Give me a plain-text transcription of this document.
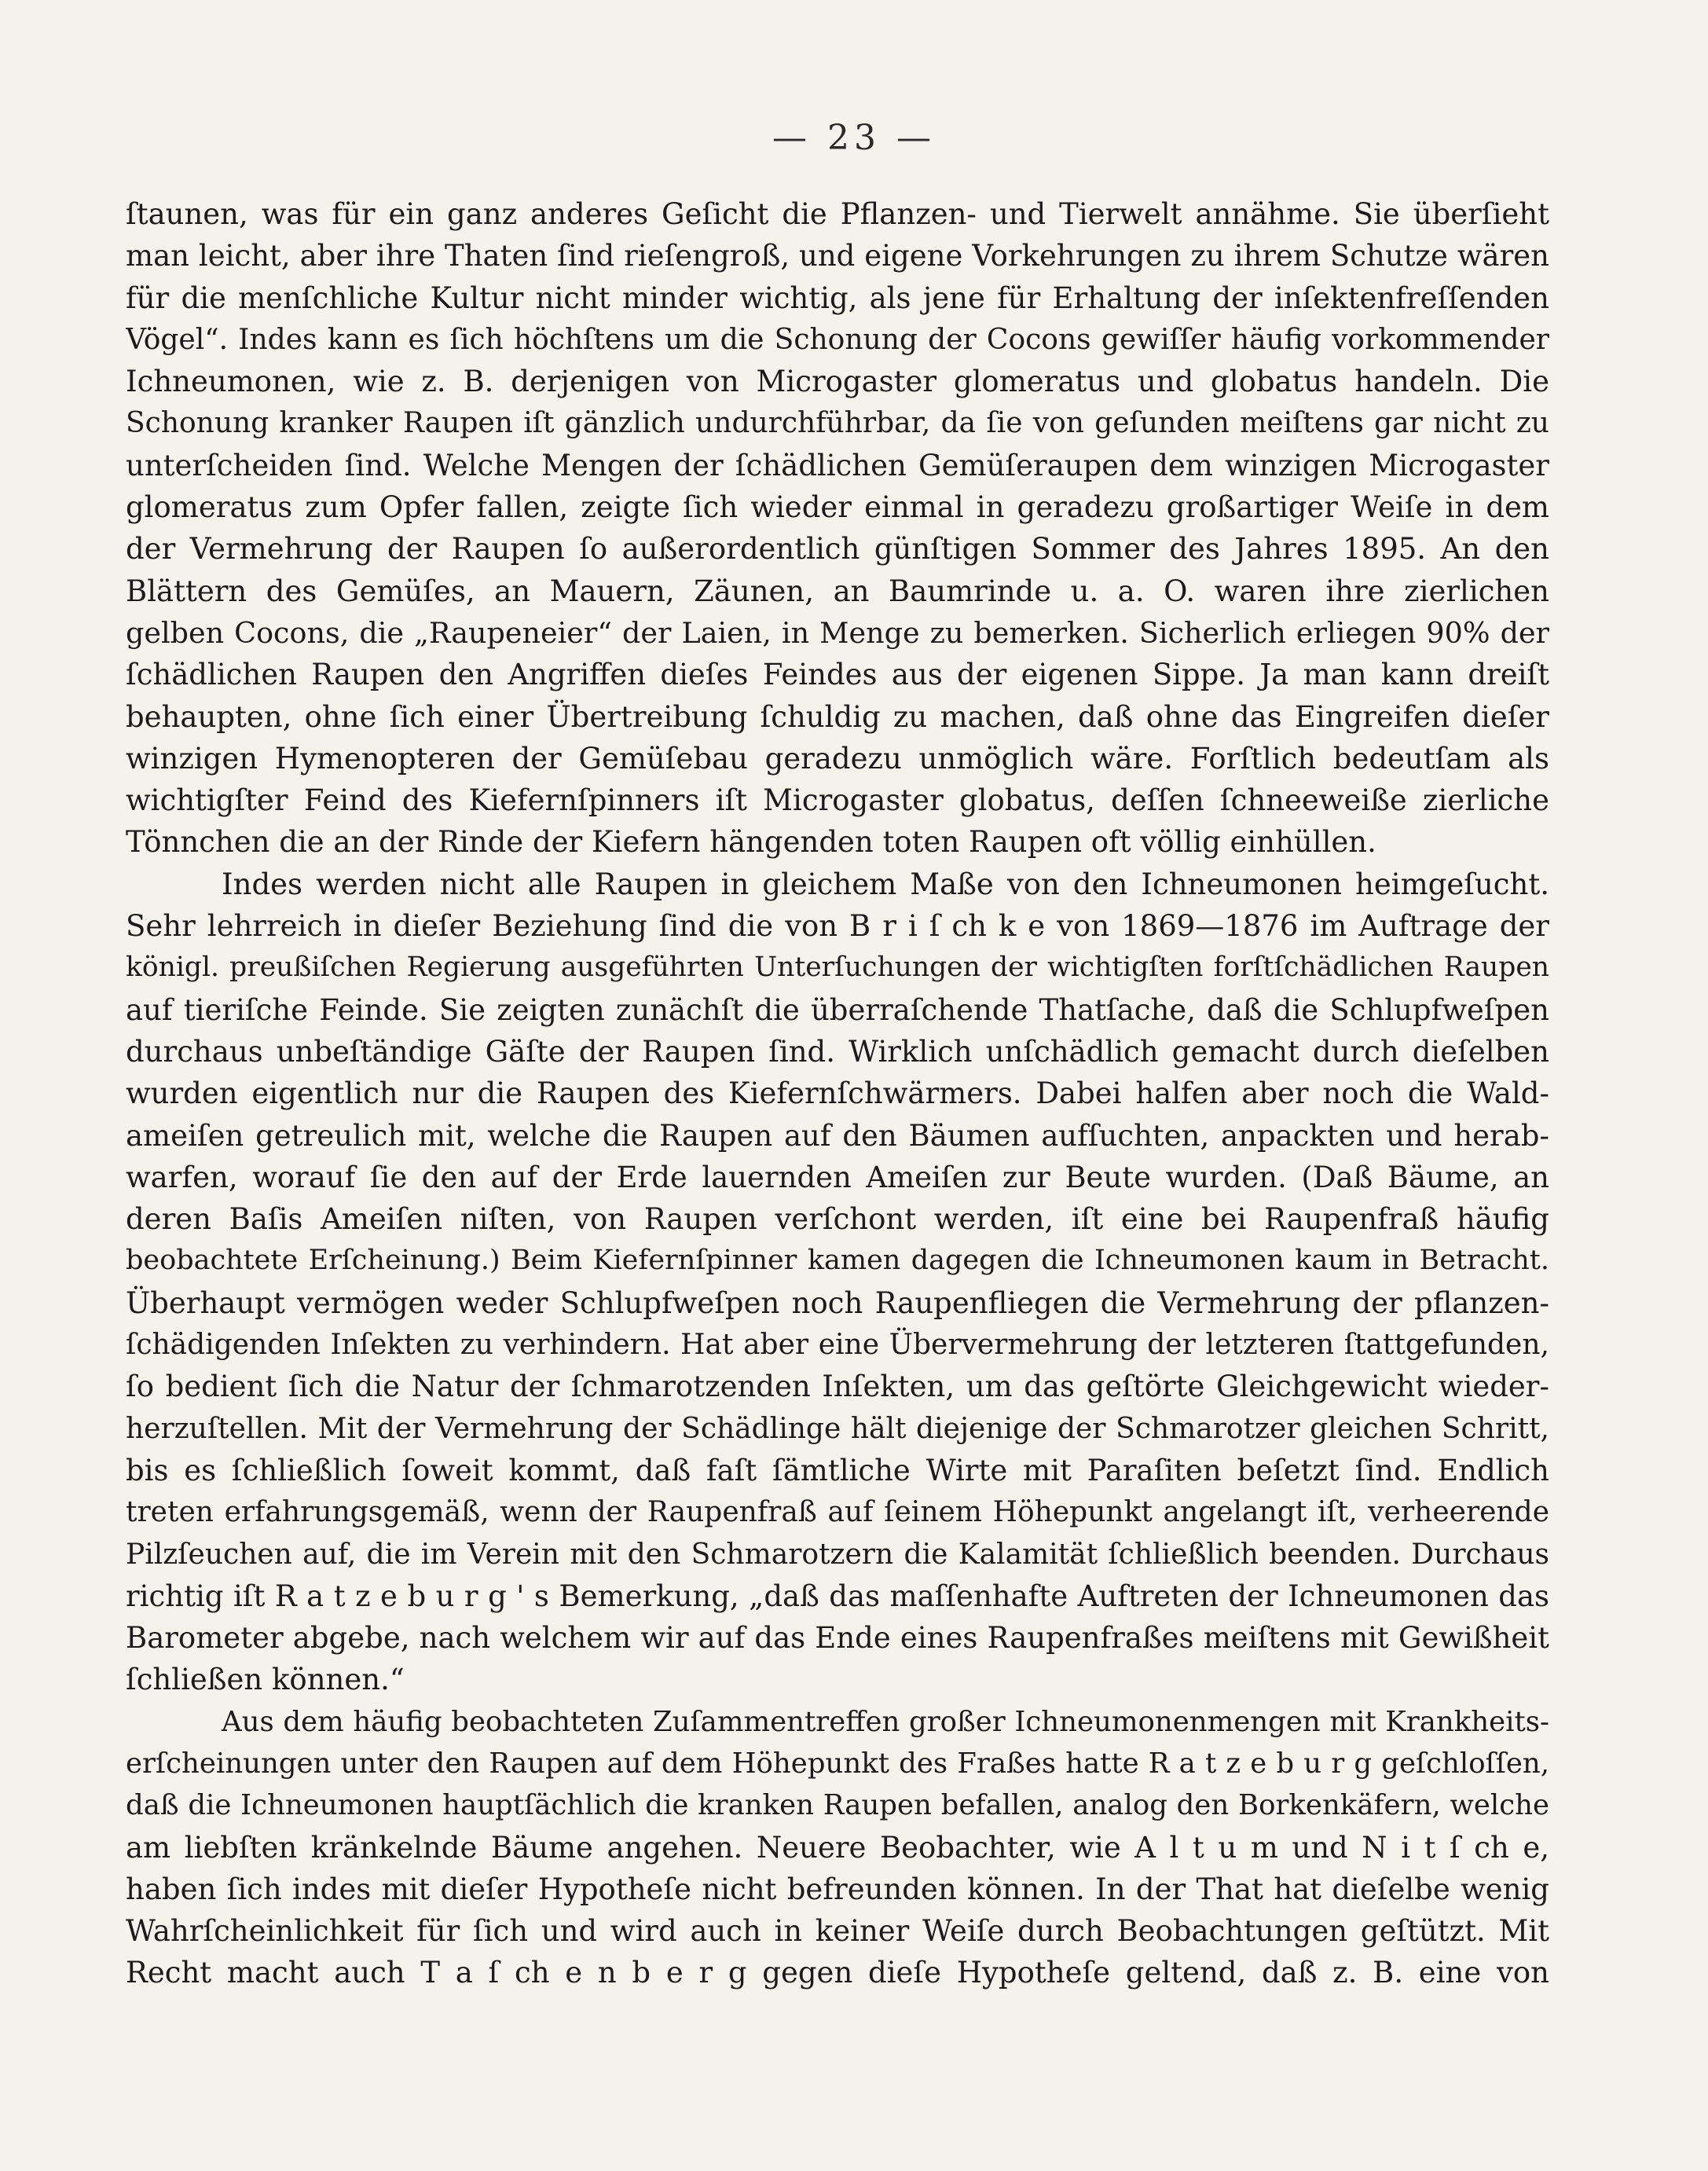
— 23 —
ſtaunen, was für ein ganz anderes Geſicht die Pflanzen- und Tierwelt annähme. Sie überſieht
man leicht, aber ihre Thaten ſind rieſengroß, und eigene Vorkehrungen zu ihrem Schutze wären
für die menſchliche Kultur nicht minder wichtig, als jene für Erhaltung der inſektenfreſſenden
Vögel“. Indes kann es ſich höchſtens um die Schonung der Cocons gewiſſer häufig vorkommender
Ichneumonen, wie z. B. derjenigen von Microgaster glomeratus und globatus handeln. Die
Schonung kranker Raupen iſt gänzlich undurchführbar, da ſie von geſunden meiſtens gar nicht zu
unterſcheiden ſind. Welche Mengen der ſchädlichen Gemüſeraupen dem winzigen Microgaster
glomeratus zum Opfer fallen, zeigte ſich wieder einmal in geradezu großartiger Weiſe in dem
der Vermehrung der Raupen ſo außerordentlich günſtigen Sommer des Jahres 1895. An den
Blättern des Gemüſes, an Mauern, Zäunen, an Baumrinde u. a. O. waren ihre zierlichen
gelben Cocons, die „Raupeneier“ der Laien, in Menge zu bemerken. Sicherlich erliegen 90% der
ſchädlichen Raupen den Angriffen dieſes Feindes aus der eigenen Sippe. Ja man kann dreiſt
behaupten, ohne ſich einer Übertreibung ſchuldig zu machen, daß ohne das Eingreifen dieſer
winzigen Hymenopteren der Gemüſebau geradezu unmöglich wäre. Forſtlich bedeutſam als
wichtigſter Feind des Kiefernſpinners iſt Microgaster globatus, deſſen ſchneeweiße zierliche
Tönnchen die an der Rinde der Kiefern hängenden toten Raupen oft völlig einhüllen.
Indes werden nicht alle Raupen in gleichem Maße von den Ichneumonen heimgeſucht.
Sehr lehrreich in dieſer Beziehung ſind die von B r i ſ ch k e von 1869—1876 im Auftrage der
königl. preußiſchen Regierung ausgeführten Unterſuchungen der wichtigſten forſtſchädlichen Raupen
auf tieriſche Feinde. Sie zeigten zunächſt die überraſchende Thatſache, daß die Schlupfweſpen
durchaus unbeſtändige Gäſte der Raupen ſind. Wirklich unſchädlich gemacht durch dieſelben
wurden eigentlich nur die Raupen des Kiefernſchwärmers. Dabei halfen aber noch die Wald-
ameiſen getreulich mit, welche die Raupen auf den Bäumen aufſuchten, anpackten und herab-
warfen, worauf ſie den auf der Erde lauernden Ameiſen zur Beute wurden. (Daß Bäume, an
deren Baſis Ameiſen niſten, von Raupen verſchont werden, iſt eine bei Raupenfraß häufig
beobachtete Erſcheinung.) Beim Kiefernſpinner kamen dagegen die Ichneumonen kaum in Betracht.
Überhaupt vermögen weder Schlupfweſpen noch Raupenfliegen die Vermehrung der pflanzen-
ſchädigenden Inſekten zu verhindern. Hat aber eine Übervermehrung der letzteren ſtattgefunden,
ſo bedient ſich die Natur der ſchmarotzenden Inſekten, um das geſtörte Gleichgewicht wieder-
herzuſtellen. Mit der Vermehrung der Schädlinge hält diejenige der Schmarotzer gleichen Schritt,
bis es ſchließlich ſoweit kommt, daß faſt ſämtliche Wirte mit Paraſiten beſetzt ſind. Endlich
treten erfahrungsgemäß, wenn der Raupenfraß auf ſeinem Höhepunkt angelangt iſt, verheerende
Pilzſeuchen auf, die im Verein mit den Schmarotzern die Kalamität ſchließlich beenden. Durchaus
richtig iſt R a t z e b u r g ' s Bemerkung, „daß das maſſenhafte Auftreten der Ichneumonen das
Barometer abgebe, nach welchem wir auf das Ende eines Raupenfraßes meiſtens mit Gewißheit
ſchließen können.“
Aus dem häufig beobachteten Zuſammentreffen großer Ichneumonenmengen mit Krankheits-
erſcheinungen unter den Raupen auf dem Höhepunkt des Fraßes hatte R a t z e b u r g geſchloſſen,
daß die Ichneumonen hauptſächlich die kranken Raupen befallen, analog den Borkenkäfern, welche
am liebſten kränkelnde Bäume angehen. Neuere Beobachter, wie A l t u m und N i t ſ ch e,
haben ſich indes mit dieſer Hypotheſe nicht befreunden können. In der That hat dieſelbe wenig
Wahrſcheinlichkeit für ſich und wird auch in keiner Weiſe durch Beobachtungen geſtützt. Mit
Recht macht auch T a ſ ch e n b e r g gegen dieſe Hypotheſe geltend, daß z. B. eine von
